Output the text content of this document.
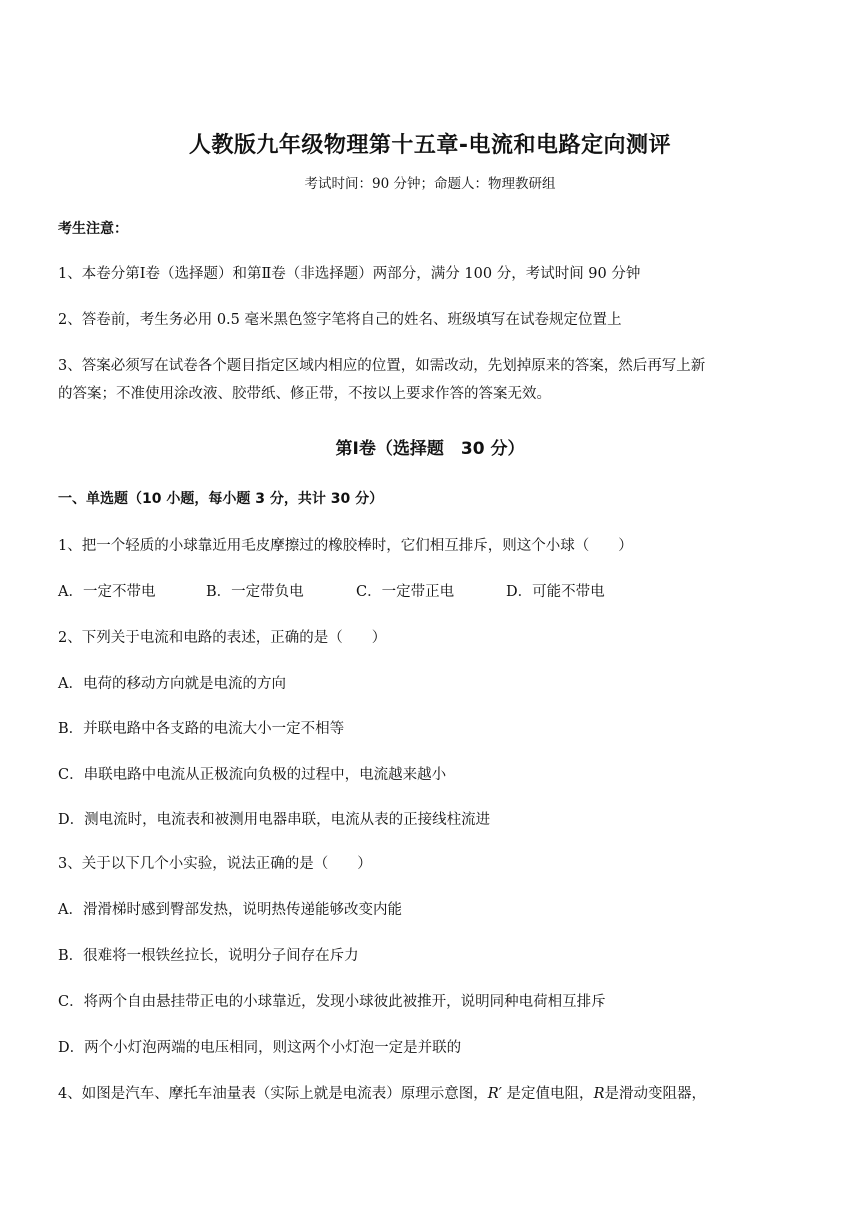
人教版九年级物理第十五章-电流和电路定向测评
考试时间：90 分钟；命题人：物理教研组
考生注意：
1、本卷分第Ⅰ卷（选择题）和第Ⅱ卷（非选择题）两部分，满分 100 分，考试时间 90 分钟
2、答卷前，考生务必用 0.5 毫米黑色签字笔将自己的姓名、班级填写在试卷规定位置上
3、答案必须写在试卷各个题目指定区域内相应的位置，如需改动，先划掉原来的答案，然后再写上新
的答案；不准使用涂改液、胶带纸、修正带，不按以上要求作答的答案无效。
第Ⅰ卷（选择题　30 分）
一、单选题（10 小题，每小题 3 分，共计 30 分）
1、把一个轻质的小球靠近用毛皮摩擦过的橡胶棒时，它们相互排斥，则这个小球（　　）
A．一定不带电	B．一定带负电	C．一定带正电	D．可能不带电
2、下列关于电流和电路的表述，正确的是（　　）
A．电荷的移动方向就是电流的方向
B．并联电路中各支路的电流大小一定不相等
C．串联电路中电流从正极流向负极的过程中，电流越来越小
D．测电流时，电流表和被测用电器串联，电流从表的正接线柱流进
3、关于以下几个小实验，说法正确的是（　　）
A．滑滑梯时感到臀部发热，说明热传递能够改变内能
B．很难将一根铁丝拉长，说明分子间存在斥力
C．将两个自由悬挂带正电的小球靠近，发现小球彼此被推开，说明同种电荷相互排斥
D．两个小灯泡两端的电压相同，则这两个小灯泡一定是并联的
4、如图是汽车、摩托车油量表（实际上就是电流表）原理示意图，R′ 是定值电阻，R是滑动变阻器，
